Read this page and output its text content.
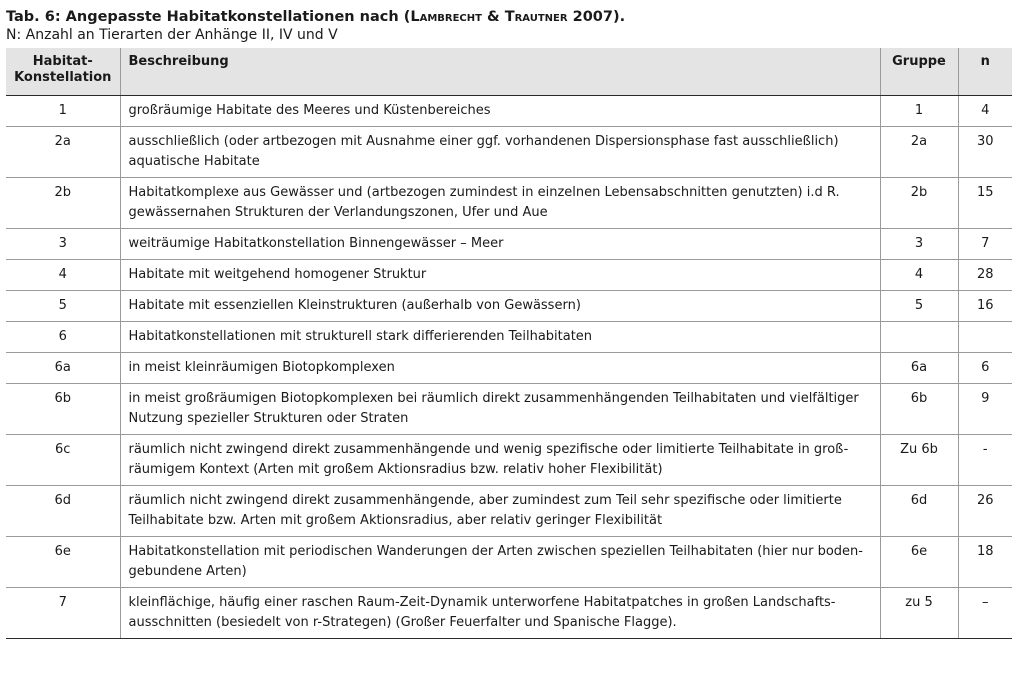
Tab. 6: Angepasste Habitatkonstellationen nach (Lambrecht & Trautner 2007).

N: Anzahl an Tierarten der Anhänge II, IV und V

Habitat-
Konstellation	Beschreibung	Gruppe	n
1	großräumige Habitate des Meeres und Küstenbereiches	1	4
2a	ausschließlich (oder artbezogen mit Ausnahme einer ggf. vorhandenen Dispersionsphase fast ausschließlich) aquatische Habitate	2a	30
2b	Habitatkomplexe aus Gewässer und (artbezogen zumindest in einzelnen Lebensabschnitten genutzten) i.d R. gewässernahen Strukturen der Verlandungszonen, Ufer und Aue	2b	15
3	weiträumige Habitatkonstellation Binnengewässer – Meer	3	7
4	Habitate mit weitgehend homogener Struktur	4	28
5	Habitate mit essenziellen Kleinstrukturen (außerhalb von Gewässern)	5	16
6	Habitatkonstellationen mit strukturell stark differierenden Teilhabitaten		
6a	in meist kleinräumigen Biotopkomplexen	6a	6
6b	in meist großräumigen Biotopkomplexen bei räumlich direkt zusammenhängenden Teilhabitaten und vielfältiger Nutzung spezieller Strukturen oder Straten	6b	9
6c	räumlich nicht zwingend direkt zusammenhängende und wenig spezifische oder limitierte Teilhabitate in groß-räumigem Kontext (Arten mit großem Aktionsradius bzw. relativ hoher Flexibilität)	Zu 6b	-
6d	räumlich nicht zwingend direkt zusammenhängende, aber zumindest zum Teil sehr spezifische oder limitierte Teilhabitate bzw. Arten mit großem Aktionsradius, aber relativ geringer Flexibilität	6d	26
6e	Habitatkonstellation mit periodischen Wanderungen der Arten zwischen speziellen Teilhabitaten (hier nur boden-gebundene Arten)	6e	18
7	kleinflächige, häufig einer raschen Raum-Zeit-Dynamik unterworfene Habitatpatches in großen Landschafts-ausschnitten (besiedelt von r-Strategen) (Großer Feuerfalter und Spanische Flagge).	zu 5	–
